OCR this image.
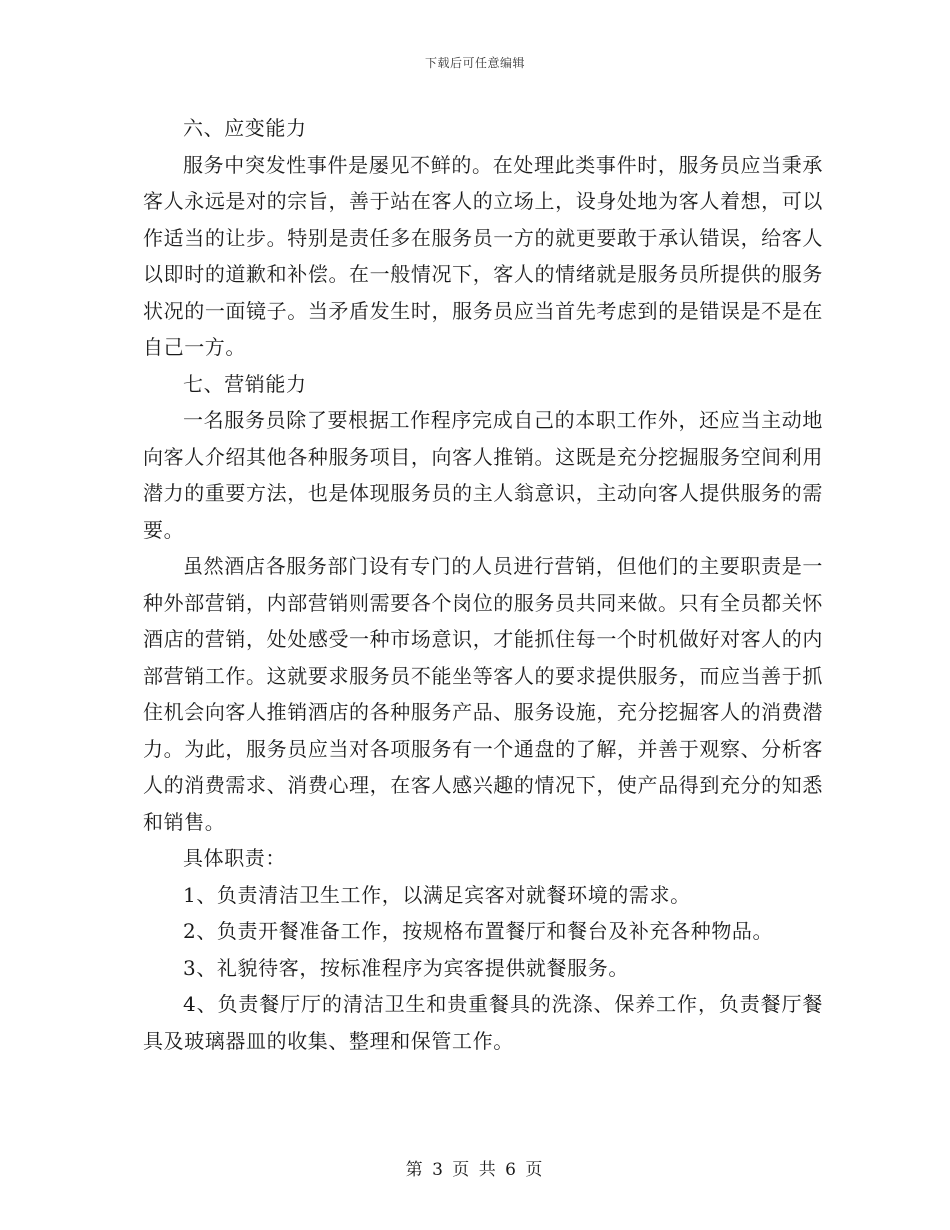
下载后可任意编辑

六、应变能力

服务中突发性事件是屡见不鲜的。在处理此类事件时，服务员应当秉承客人永远是对的宗旨，善于站在客人的立场上，设身处地为客人着想，可以作适当的让步。特别是责任多在服务员一方的就更要敢于承认错误，给客人以即时的道歉和补偿。在一般情况下，客人的情绪就是服务员所提供的服务状况的一面镜子。当矛盾发生时，服务员应当首先考虑到的是错误是不是在自己一方。

七、营销能力

一名服务员除了要根据工作程序完成自己的本职工作外，还应当主动地向客人介绍其他各种服务项目，向客人推销。这既是充分挖掘服务空间利用潜力的重要方法，也是体现服务员的主人翁意识，主动向客人提供服务的需要。

虽然酒店各服务部门设有专门的人员进行营销，但他们的主要职责是一种外部营销，内部营销则需要各个岗位的服务员共同来做。只有全员都关怀酒店的营销，处处感受一种市场意识，才能抓住每一个时机做好对客人的内部营销工作。这就要求服务员不能坐等客人的要求提供服务，而应当善于抓住机会向客人推销酒店的各种服务产品、服务设施，充分挖掘客人的消费潜力。为此，服务员应当对各项服务有一个通盘的了解，并善于观察、分析客人的消费需求、消费心理，在客人感兴趣的情况下，使产品得到充分的知悉和销售。

具体职责：

1、负责清洁卫生工作，以满足宾客对就餐环境的需求。

2、负责开餐准备工作，按规格布置餐厅和餐台及补充各种物品。

3、礼貌待客，按标准程序为宾客提供就餐服务。

4、负责餐厅厅的清洁卫生和贵重餐具的洗涤、保养工作，负责餐厅餐具及玻璃器皿的收集、整理和保管工作。

第 3 页 共 6 页
